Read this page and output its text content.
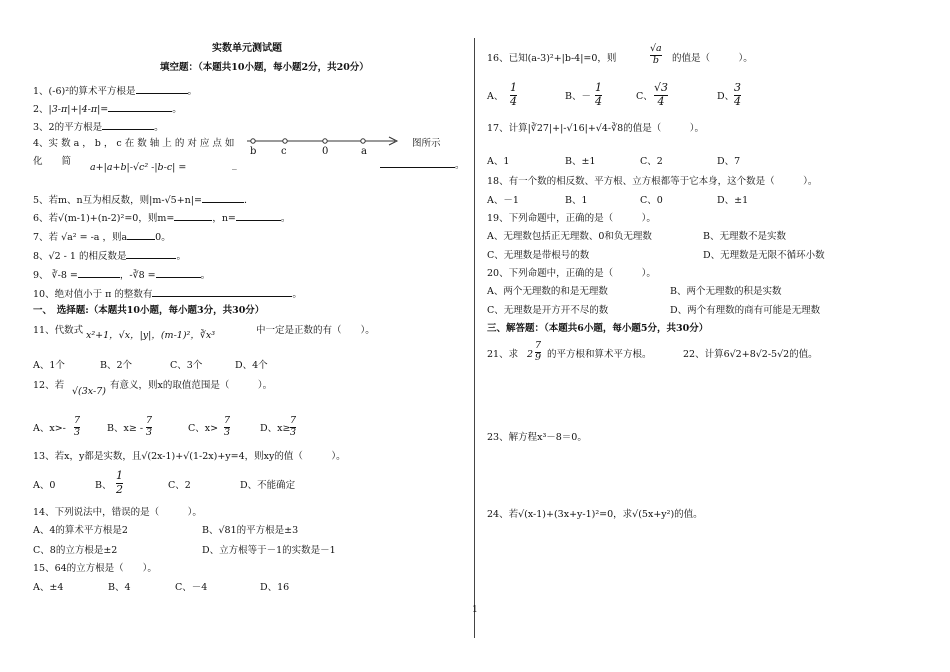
实数单元测试题
填空题：（本题共10小题，每小题2分，共20分）
1、(-6)²的算术平方根是	。
2、|3-π|+|4-π|=	。
3、2的平方根是	。
4、实 数 a ， b ， c 在 数 轴 上 的 对 应 点 如
b c	0	a
图所示
化　　简
a+|a+b|-√c² -|b-c| =	_	。
5、若m、n互为相反数，则|m-√5+n|=	．
6、若√(m-1)+(n-2)²=0，则m=	，n=	。
7、若 √a² = -a ，则a	0。
8、√2 - 1 的相反数是	。
9、 ∛-8 =	，-∛8 =	。
10、绝对值小于 π 的整数有	。
一、　选择题:（本题共10小题，每小题3分，共30分）
11、代数式 x²+1，√x，|y|，(m-1)²，∛x³	中一定是正数的有（　　）。
A、1个	B、2个	C、3个	D、4个
12、若
√(3x-7)
有意义，则x的取值范围是（　　　）。
A、$x>- \frac{7}{3}$	B、$x\ge - \frac{7}{3}$	C、$x> \frac{7}{3}$	D、$x\ge \frac{7}{3}$
13、若x，y都是实数，且√(2x-1)+√(1-2x)+y=4，则xy的值（　　　）。
A、0	B、 $\frac{1}{2}$	C、2	D、不能确定
14、下列说法中，错误的是（　　　）。
A、4的算术平方根是2	B、√81的平方根是±3
C、8的立方根是±2	D、立方根等于－1的实数是－1
15、64的立方根是（　　）。
A、±4	B、4	C、－4	D、16
16、已知(a-3)²+|b-4|=0，则	$\frac{√a}{b}$ 的值是（　　　）。
A、 $\frac{1}{4}$	B、－ $\frac{1}{4}$	C、 $\frac{√3}{4}$	D、 $\frac{3}{4}$
17、计算|∛27|+|-√16|+√4-∛8的值是（　　　）。
A、1	B、±1	C、2	D、7
18、有一个数的相反数、平方根、立方根都等于它本身，这个数是（　　　）。
A、－1	B、1	C、0	D、±1
19、下列命题中，正确的是（　　　）。
A、无理数包括正无理数、0和负无理数	B、无理数不是实数
C、无理数是带根号的数	D、无理数是无限不循环小数
20、下列命题中，正确的是（　　　）。
A、两个无理数的和是无理数	B、两个无理数的积是实数
C、无理数是开方开不尽的数	D、两个有理数的商有可能是无理数
三、解答题：（本题共6小题，每小题5分，共30分）
21、求 $2 \frac{7}{9}$ 的平方根和算术平方根。	22、计算6√2+8√2-5√2的值。
23、解方程x³－8＝0。
24、若√(x-1)+(3x+y-1)²=0，求√(5x+y²)的值。
1
